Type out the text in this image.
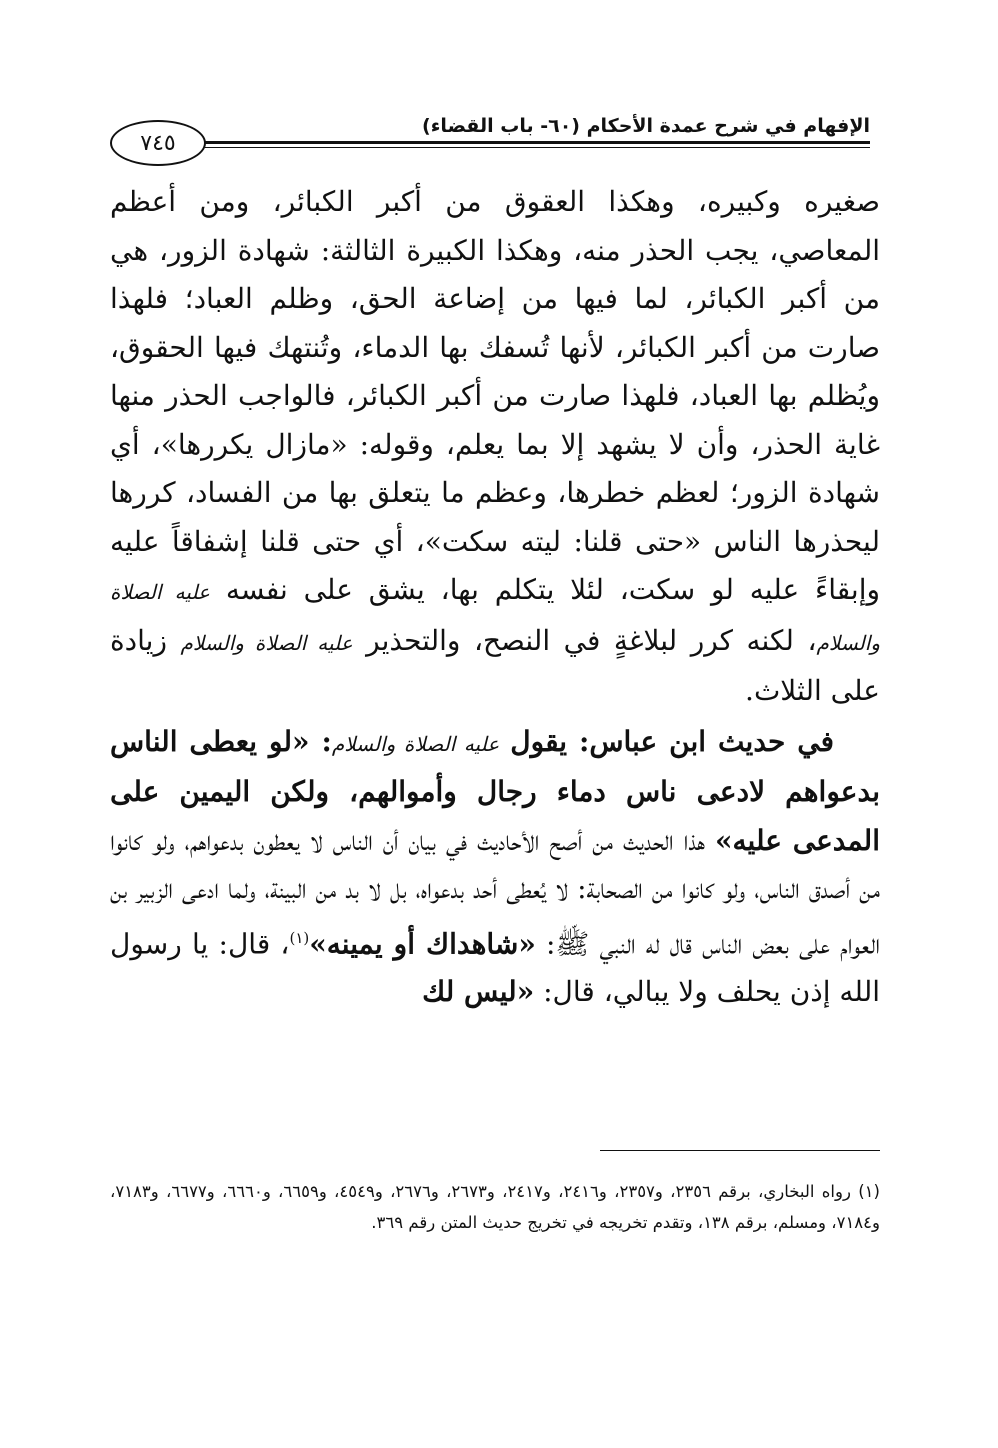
الإفهام في شرح عمدة الأحكام (٦٠- باب القضاء)
٧٤٥

صغيره وكبيره، وهكذا العقوق من أكبر الكبائر، ومن أعظم المعاصي، يجب الحذر منه، وهكذا الكبيرة الثالثة: شهادة الزور، هي من أكبر الكبائر، لما فيها من إضاعة الحق، وظلم العباد؛ فلهذا صارت من أكبر الكبائر، لأنها تُسفك بها الدماء، وتُنتهك فيها الحقوق، ويُظلم بها العباد، فلهذا صارت من أكبر الكبائر، فالواجب الحذر منها غاية الحذر، وأن لا يشهد إلا بما يعلم، وقوله: «مازال يكررها»، أي شهادة الزور؛ لعظم خطرها، وعظم ما يتعلق بها من الفساد، كررها ليحذرها الناس «حتى قلنا: ليته سكت»، أي حتى قلنا إشفاقاً عليه وإبقاءً عليه لو سكت، لئلا يتكلم بها، يشق على نفسه عليه الصلاة والسلام، لكنه كرر لبلاغةٍ في النصح، والتحذير عليه الصلاة والسلام زيادة على الثلاث.

في حديث ابن عباس: يقول عليه الصلاة والسلام: «لو يعطى الناس بدعواهم لادعى ناس دماء رجال وأموالهم، ولكن اليمين على المدعى عليه» هذا الحديث من أصح الأحاديث في بيان أن الناس لا يعطون بدعواهم، ولو كانوا من أصدق الناس، ولو كانوا من الصحابة: لا يُعطى أحد بدعواه، بل لا بد من البينة، ولما ادعى الزبير بن العوام على بعض الناس قال له النبي ﷺ: «شاهداك أو يمينه»$^{(١)}$، قال: يا رسول الله إذن يحلف ولا يبالي، قال: «ليس لك

(١) رواه البخاري، برقم ٢٣٥٦، و٢٣٥٧، و٢٤١٦، و٢٤١٧، و٢٦٧٣، و٢٦٧٦، و٤٥٤٩، و٦٦٥٩، و٦٦٦٠، و٦٦٧٧، و٧١٨٣، و٧١٨٤، ومسلم، برقم ١٣٨، وتقدم تخريجه في تخريج حديث المتن رقم ٣٦٩.
